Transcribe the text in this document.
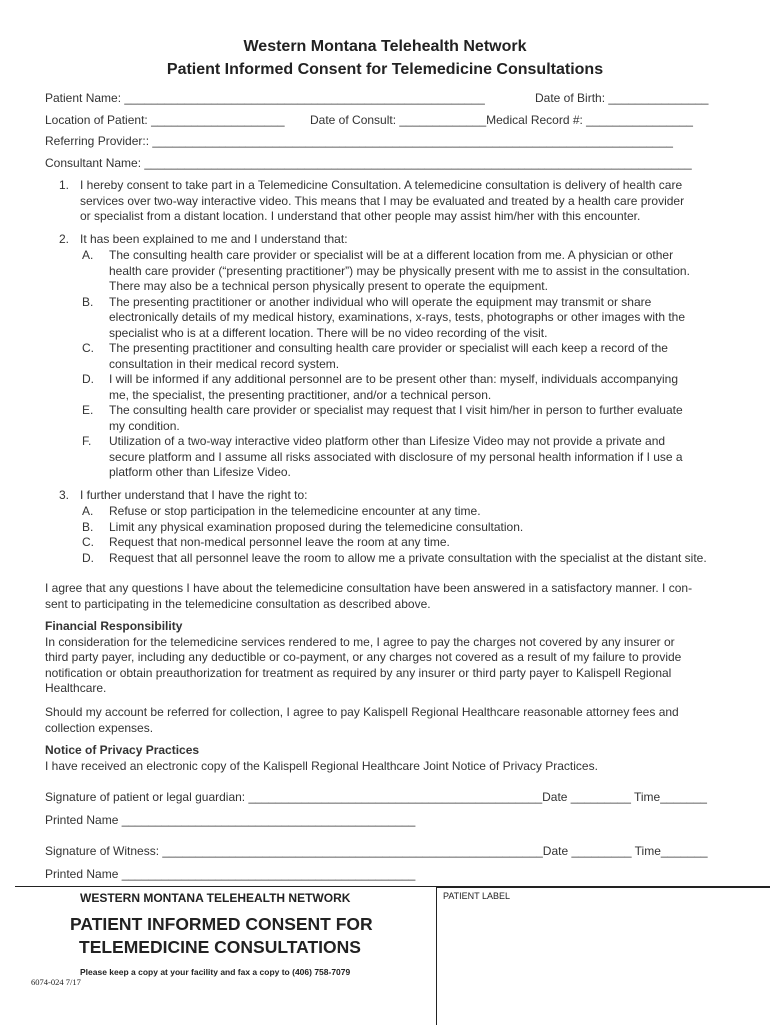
Western Montana Telehealth Network
Patient Informed Consent for Telemedicine Consultations
Patient Name: ______________________________________________________	Date of Birth: _______________
Location of Patient: ____________________ Date of Consult: _____________Medical Record #: ________________
Referring Provider:: ______________________________________________________________________________
Consultant Name: __________________________________________________________________________________
1. I hereby consent to take part in a Telemedicine Consultation. A telemedicine consultation is delivery of health care
services over two-way interactive video. This means that I may be evaluated and treated by a health care provider
or specialist from a distant location. I understand that other people may assist him/her with this encounter.
2. It has been explained to me and I understand that:
A. The consulting health care provider or specialist will be at a different location from me. A physician or other
health care provider (“presenting practitioner”) may be physically present with me to assist in the consultation.
There may also be a technical person physically present to operate the equipment.
B. The presenting practitioner or another individual who will operate the equipment may transmit or share
electronically details of my medical history, examinations, x-rays, tests, photographs or other images with the
specialist who is at a different location. There will be no video recording of the visit.
C. The presenting practitioner and consulting health care provider or specialist will each keep a record of the
consultation in their medical record system.
D. I will be informed if any additional personnel are to be present other than: myself, individuals accompanying
me, the specialist, the presenting practitioner, and/or a technical person.
E. The consulting health care provider or specialist may request that I visit him/her in person to further evaluate
my condition.
F. Utilization of a two-way interactive video platform other than Lifesize Video may not provide a private and
secure platform and I assume all risks associated with disclosure of my personal health information if I use a
platform other than Lifesize Video.
3. I further understand that I have the right to:
A. Refuse or stop participation in the telemedicine encounter at any time.
B. Limit any physical examination proposed during the telemedicine consultation.
C. Request that non-medical personnel leave the room at any time.
D. Request that all personnel leave the room to allow me a private consultation with the specialist at the distant site.
I agree that any questions I have about the telemedicine consultation have been answered in a satisfactory manner. I con-
sent to participating in the telemedicine consultation as described above.
Financial Responsibility
In consideration for the telemedicine services rendered to me, I agree to pay the charges not covered by any insurer or
third party payer, including any deductible or co-payment, or any charges not covered as a result of my failure to provide
notification or obtain preauthorization for treatment as required by any insurer or third party payer to Kalispell Regional
Healthcare.
Should my account be referred for collection, I agree to pay Kalispell Regional Healthcare reasonable attorney fees and
collection expenses.
Notice of Privacy Practices
I have received an electronic copy of the Kalispell Regional Healthcare Joint Notice of Privacy Practices.
Signature of patient or legal guardian: ____________________________________________Date _________ Time_______
Printed Name ____________________________________________
Signature of Witness: _________________________________________________________Date _________ Time_______
Printed Name ____________________________________________
PATIENT LABEL
WESTERN MONTANA TELEHEALTH NETWORK
PATIENT INFORMED CONSENT FOR
TELEMEDICINE CONSULTATIONS
Please keep a copy at your facility and fax a copy to (406) 758-7079
6074-024 7/17
